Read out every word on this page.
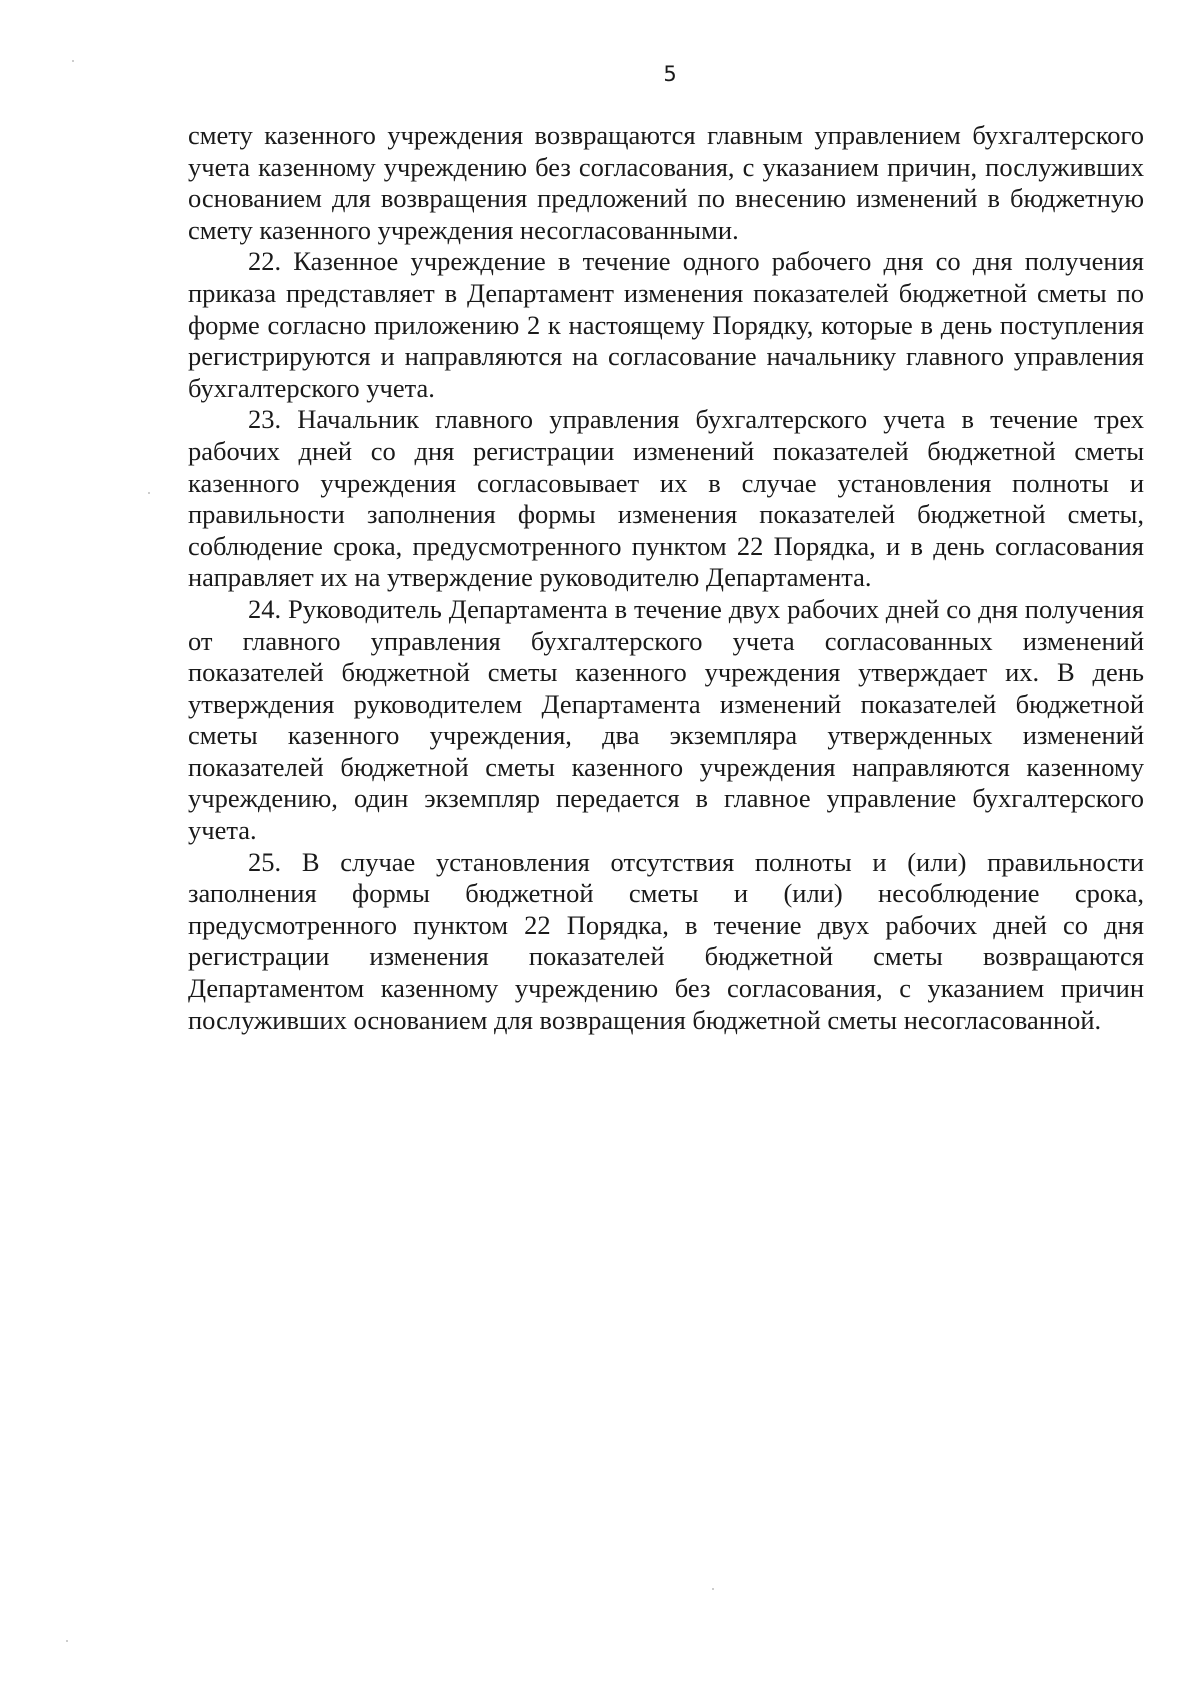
5

смету казенного учреждения возвращаются главным управлением бухгалтерского учета казенному учреждению без согласования, с указанием причин, послуживших основанием для возвращения предложений по внесению изменений в бюджетную смету казенного учреждения несогласованными.

22. Казенное учреждение в течение одного рабочего дня со дня получения приказа представляет в Департамент изменения показателей бюджетной сметы по форме согласно приложению 2 к настоящему Порядку, которые в день поступления регистрируются и направляются на согласование начальнику главного управления бухгалтерского учета.

23. Начальник главного управления бухгалтерского учета в течение трех рабочих дней со дня регистрации изменений показателей бюджетной сметы казенного учреждения согласовывает их в случае установления полноты и правильности заполнения формы изменения показателей бюджетной сметы, соблюдение срока, предусмотренного пунктом 22 Порядка, и в день согласования направляет их на утверждение руководителю Департамента.

24. Руководитель Департамента в течение двух рабочих дней со дня получения от главного управления бухгалтерского учета согласованных изменений показателей бюджетной сметы казенного учреждения утверждает их. В день утверждения руководителем Департамента изменений показателей бюджетной сметы казенного учреждения, два экземпляра утвержденных изменений показателей бюджетной сметы казенного учреждения направляются казенному учреждению, один экземпляр передается в главное управление бухгалтерского учета.

25. В случае установления отсутствия полноты и (или) правильности заполнения формы бюджетной сметы и (или) несоблюдение срока, предусмотренного пунктом 22 Порядка, в течение двух рабочих дней со дня регистрации изменения показателей бюджетной сметы возвращаются Департаментом казенному учреждению без согласования, с указанием причин послуживших основанием для возвращения бюджетной сметы несогласованной.
